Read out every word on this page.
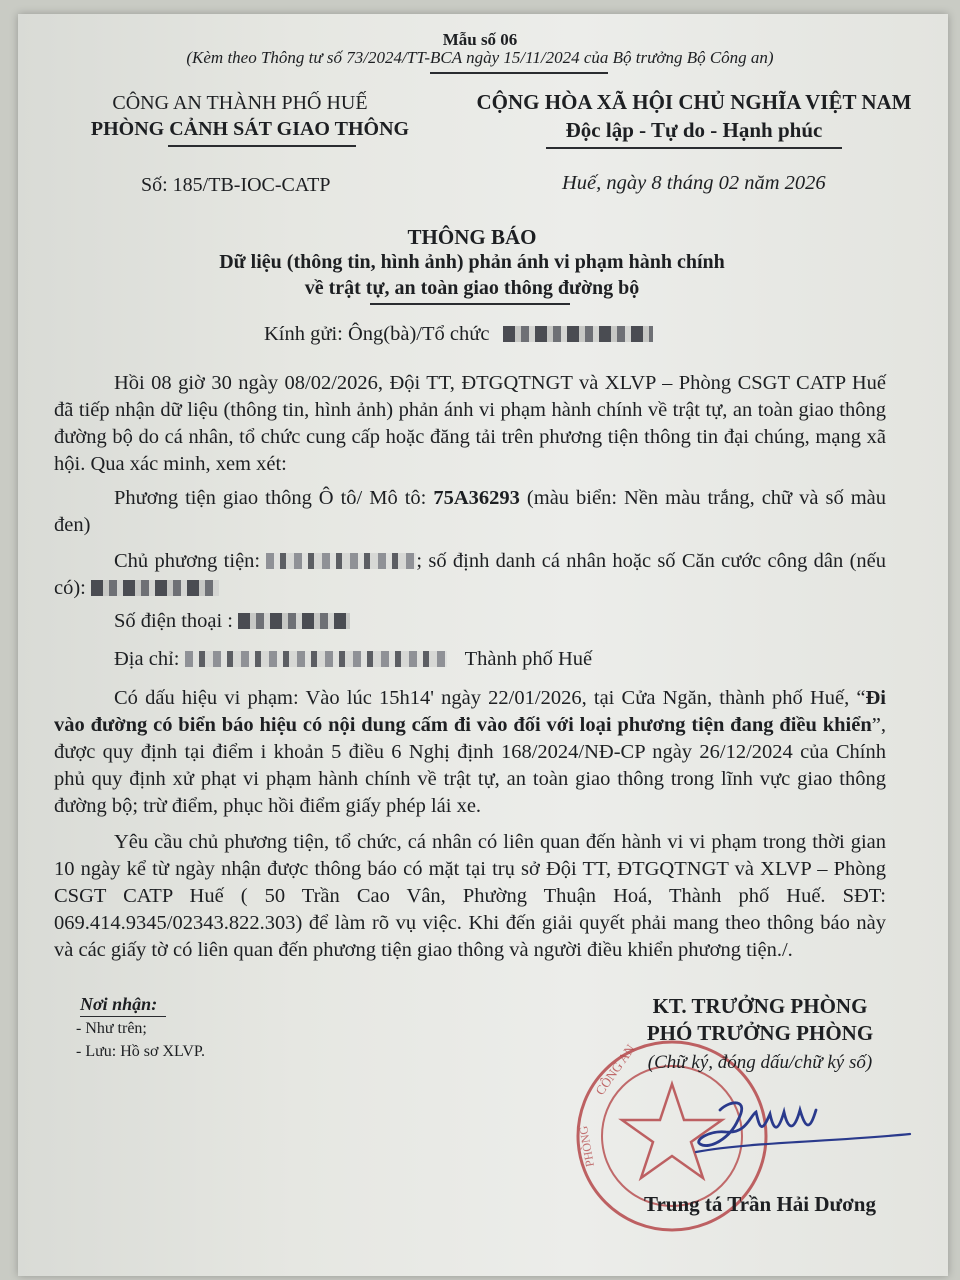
Mẫu số 06
(Kèm theo Thông tư số 73/2024/TT-BCA ngày 15/11/2024 của Bộ trưởng Bộ Công an)
CÔNG AN THÀNH PHỐ HUẾ
PHÒNG CẢNH SÁT GIAO THÔNG
Số: 185/TB-IOC-CATP
CỘNG HÒA XÃ HỘI CHỦ NGHĨA VIỆT NAM
Độc lập - Tự do - Hạnh phúc
Huế, ngày 8 tháng 02 năm 2026
THÔNG BÁO
Dữ liệu (thông tin, hình ảnh) phản ánh vi phạm hành chính
về trật tự, an toàn giao thông đường bộ
Kính gửi: Ông(bà)/Tổ chức
Hồi 08 giờ 30 ngày 08/02/2026, Đội TT, ĐTGQTNGT và XLVP – Phòng CSGT CATP Huế đã tiếp nhận dữ liệu (thông tin, hình ảnh) phản ánh vi phạm hành chính về trật tự, an toàn giao thông đường bộ do cá nhân, tổ chức cung cấp hoặc đăng tải trên phương tiện thông tin đại chúng, mạng xã hội. Qua xác minh, xem xét:
Phương tiện giao thông Ô tô/ Mô tô: 75A36293 (màu biển: Nền màu trắng, chữ và số màu đen)
Chủ phương tiện:	; số định danh cá nhân hoặc số Căn cước công dân (nếu có):
Số điện thoại :
Địa chỉ:	Thành phố Huế
Có dấu hiệu vi phạm: Vào lúc 15h14' ngày 22/01/2026, tại Cửa Ngăn, thành phố Huế, “Đi vào đường có biển báo hiệu có nội dung cấm đi vào đối với loại phương tiện đang điều khiển”, được quy định tại điểm i khoản 5 điều 6 Nghị định 168/2024/NĐ-CP ngày 26/12/2024 của Chính phủ quy định xử phạt vi phạm hành chính về trật tự, an toàn giao thông trong lĩnh vực giao thông đường bộ; trừ điểm, phục hồi điểm giấy phép lái xe.
Yêu cầu chủ phương tiện, tổ chức, cá nhân có liên quan đến hành vi vi phạm trong thời gian 10 ngày kể từ ngày nhận được thông báo có mặt tại trụ sở Đội TT, ĐTGQTNGT và XLVP – Phòng CSGT CATP Huế ( 50 Trần Cao Vân, Phường Thuận Hoá, Thành phố Huế. SĐT: 069.414.9345/02343.822.303) để làm rõ vụ việc. Khi đến giải quyết phải mang theo thông báo này và các giấy tờ có liên quan đến phương tiện giao thông và người điều khiển phương tiện./.
Nơi nhận:
- Như trên;
- Lưu: Hồ sơ XLVP.	CÔNG AN
PHÒNG
KT. TRƯỞNG PHÒNG
PHÓ TRƯỞNG PHÒNG
(Chữ ký, đóng dấu/chữ ký số)
Trung tá Trần Hải Dương
